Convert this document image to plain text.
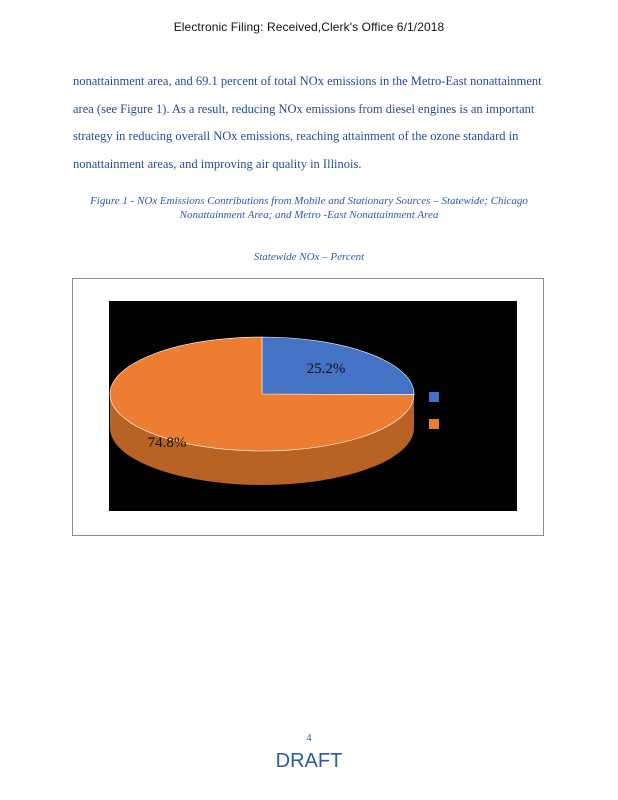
Electronic Filing: Received,Clerk's Office 6/1/2018

nonattainment area, and 69.1 percent of total NOx emissions in the Metro-East nonattainment

area (see Figure 1). As a result, reducing NOx emissions from diesel engines is an important

strategy in reducing overall NOx emissions, reaching attainment of the ozone standard in

nonattainment areas, and improving air quality in Illinois.

Figure 1 - NOx Emissions Contributions from Mobile and Stationary Sources – Statewide; Chicago Nonattainment Area; and Metro -East Nonattainment Area
Statewide NOx – Percent
25.2%
74.8%
Point
Mobile
4
DRAFT
